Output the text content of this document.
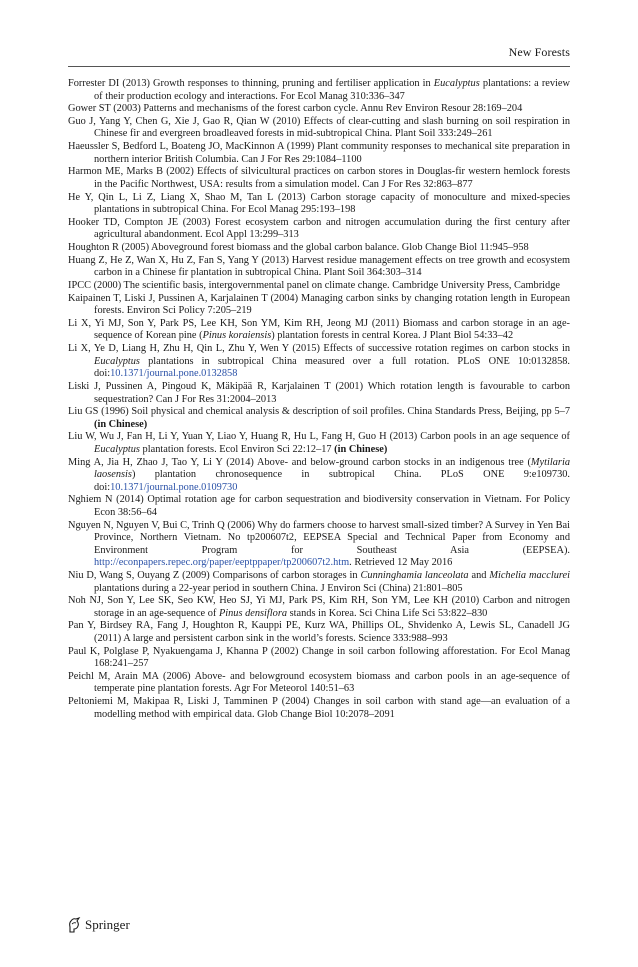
New Forests
Forrester DI (2013) Growth responses to thinning, pruning and fertiliser application in Eucalyptus plantations: a review of their production ecology and interactions. For Ecol Manag 310:336–347
Gower ST (2003) Patterns and mechanisms of the forest carbon cycle. Annu Rev Environ Resour 28:169–204
Guo J, Yang Y, Chen G, Xie J, Gao R, Qian W (2010) Effects of clear-cutting and slash burning on soil respiration in Chinese fir and evergreen broadleaved forests in mid-subtropical China. Plant Soil 333:249–261
Haeussler S, Bedford L, Boateng JO, MacKinnon A (1999) Plant community responses to mechanical site preparation in northern interior British Columbia. Can J For Res 29:1084–1100
Harmon ME, Marks B (2002) Effects of silvicultural practices on carbon stores in Douglas-fir western hemlock forests in the Pacific Northwest, USA: results from a simulation model. Can J For Res 32:863–877
He Y, Qin L, Li Z, Liang X, Shao M, Tan L (2013) Carbon storage capacity of monoculture and mixed-species plantations in subtropical China. For Ecol Manag 295:193–198
Hooker TD, Compton JE (2003) Forest ecosystem carbon and nitrogen accumulation during the first century after agricultural abandonment. Ecol Appl 13:299–313
Houghton R (2005) Aboveground forest biomass and the global carbon balance. Glob Change Biol 11:945–958
Huang Z, He Z, Wan X, Hu Z, Fan S, Yang Y (2013) Harvest residue management effects on tree growth and ecosystem carbon in a Chinese fir plantation in subtropical China. Plant Soil 364:303–314
IPCC (2000) The scientific basis, intergovernmental panel on climate change. Cambridge University Press, Cambridge
Kaipainen T, Liski J, Pussinen A, Karjalainen T (2004) Managing carbon sinks by changing rotation length in European forests. Environ Sci Policy 7:205–219
Li X, Yi MJ, Son Y, Park PS, Lee KH, Son YM, Kim RH, Jeong MJ (2011) Biomass and carbon storage in an age-sequence of Korean pine (Pinus koraiensis) plantation forests in central Korea. J Plant Biol 54:33–42
Li X, Ye D, Liang H, Zhu H, Qin L, Zhu Y, Wen Y (2015) Effects of successive rotation regimes on carbon stocks in Eucalyptus plantations in subtropical China measured over a full rotation. PLoS ONE 10:0132858. doi:10.1371/journal.pone.0132858
Liski J, Pussinen A, Pingoud K, Mäkipää R, Karjalainen T (2001) Which rotation length is favourable to carbon sequestration? Can J For Res 31:2004–2013
Liu GS (1996) Soil physical and chemical analysis & description of soil profiles. China Standards Press, Beijing, pp 5–7 (in Chinese)
Liu W, Wu J, Fan H, Li Y, Yuan Y, Liao Y, Huang R, Hu L, Fang H, Guo H (2013) Carbon pools in an age sequence of Eucalyptus plantation forests. Ecol Environ Sci 22:12–17 (in Chinese)
Ming A, Jia H, Zhao J, Tao Y, Li Y (2014) Above- and below-ground carbon stocks in an indigenous tree (Mytilaria laosensis) plantation chronosequence in subtropical China. PLoS ONE 9:e109730. doi:10.1371/journal.pone.0109730
Nghiem N (2014) Optimal rotation age for carbon sequestration and biodiversity conservation in Vietnam. For Policy Econ 38:56–64
Nguyen N, Nguyen V, Bui C, Trinh Q (2006) Why do farmers choose to harvest small-sized timber? A Survey in Yen Bai Province, Northern Vietnam. No tp200607t2, EEPSEA Special and Technical Paper from Economy and Environment Program for Southeast Asia (EEPSEA). http://econpapers.repec.org/paper/eeptppaper/tp200607t2.htm. Retrieved 12 May 2016
Niu D, Wang S, Ouyang Z (2009) Comparisons of carbon storages in Cunninghamia lanceolata and Michelia macclurei plantations during a 22-year period in southern China. J Environ Sci (China) 21:801–805
Noh NJ, Son Y, Lee SK, Seo KW, Heo SJ, Yi MJ, Park PS, Kim RH, Son YM, Lee KH (2010) Carbon and nitrogen storage in an age-sequence of Pinus densiflora stands in Korea. Sci China Life Sci 53:822–830
Pan Y, Birdsey RA, Fang J, Houghton R, Kauppi PE, Kurz WA, Phillips OL, Shvidenko A, Lewis SL, Canadell JG (2011) A large and persistent carbon sink in the world’s forests. Science 333:988–993
Paul K, Polglase P, Nyakuengama J, Khanna P (2002) Change in soil carbon following afforestation. For Ecol Manag 168:241–257
Peichl M, Arain MA (2006) Above- and belowground ecosystem biomass and carbon pools in an age-sequence of temperate pine plantation forests. Agr For Meteorol 140:51–63
Peltoniemi M, Makipaa R, Liski J, Tamminen P (2004) Changes in soil carbon with stand age—an evaluation of a modelling method with empirical data. Glob Change Biol 10:2078–2091
Springer
